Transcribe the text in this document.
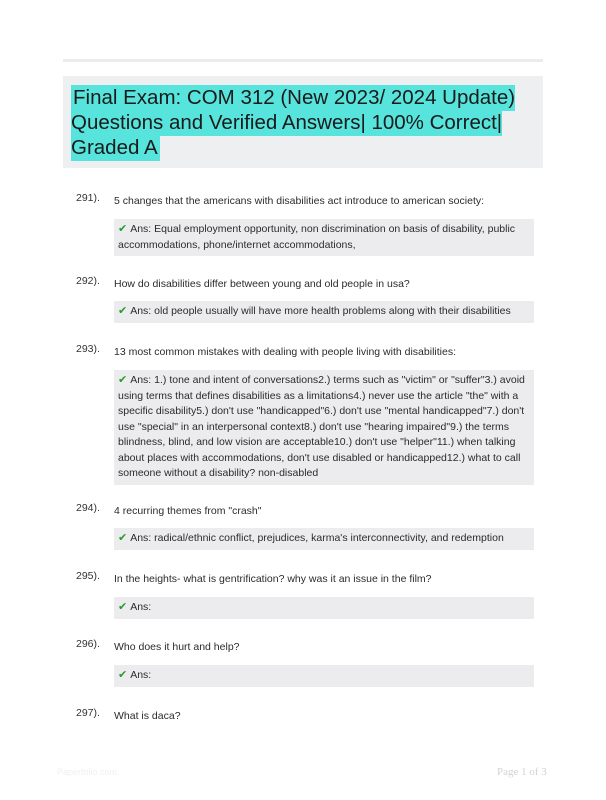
Final Exam: COM 312 (New 2023/ 2024 Update) Questions and Verified Answers| 100% Correct| Graded A
291). 5 changes that the americans with disabilities act introduce to american society:
✔ Ans: Equal employment opportunity, non discrimination on basis of disability, public accommodations, phone/internet accommodations,
292). How do disabilities differ between young and old people in usa?
✔ Ans: old people usually will have more health problems along with their disabilities
293). 13 most common mistakes with dealing with people living with disabilities:
✔ Ans: 1.) tone and intent of conversations2.) terms such as "victim" or "suffer"3.) avoid using terms that defines disabilities as a limitations4.) never use the article "the" with a specific disability5.) don't use "handicapped"6.) don't use "mental handicapped"7.) don't use "special" in an interpersonal context8.) don't use "hearing impaired"9.) the terms blindness, blind, and low vision are acceptable10.) don't use "helper"11.) when talking about places with accommodations, don't use disabled or handicapped12.) what to call someone without a disability? non-disabled
294). 4 recurring themes from "crash"
✔ Ans: radical/ethnic conflict, prejudices, karma's interconnectivity, and redemption
295). In the heights- what is gentrification? why was it an issue in the film?
✔ Ans:
296). Who does it hurt and help?
✔ Ans:
297). What is daca?
Paperfolio.com	Page 1 of 3
